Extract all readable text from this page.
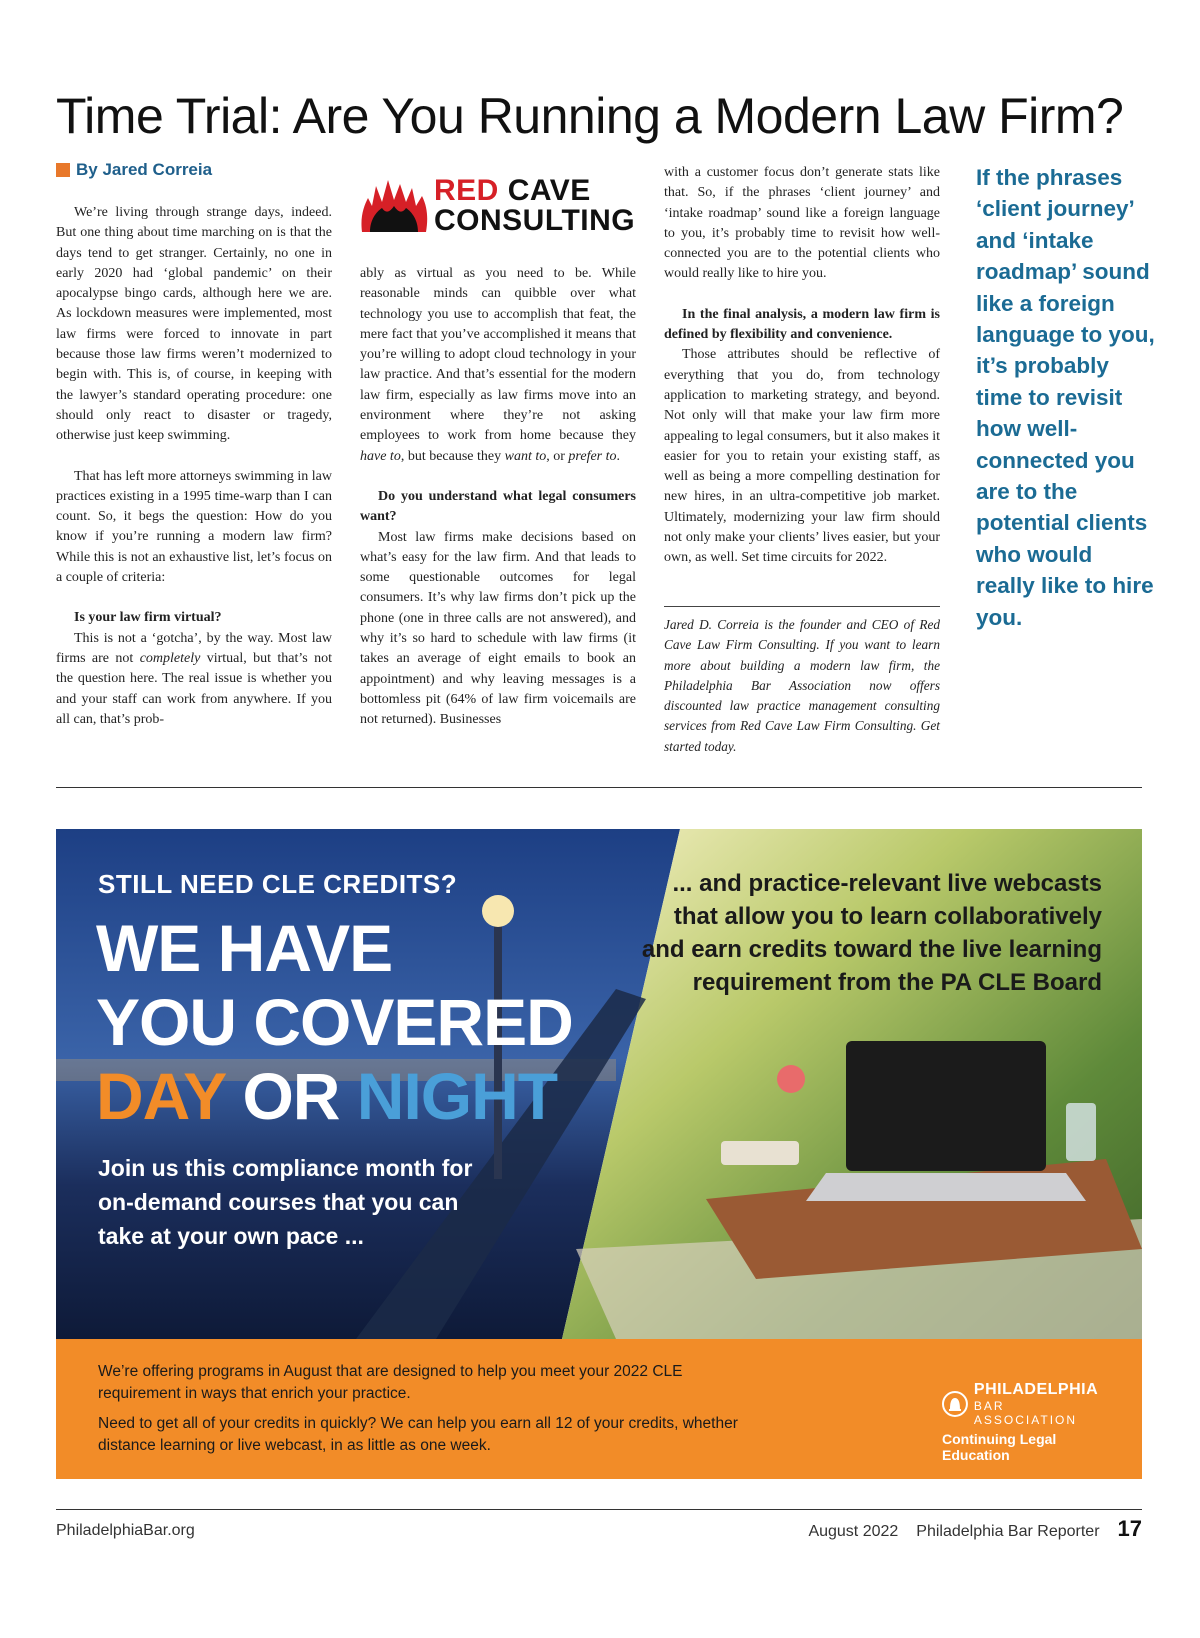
Time Trial: Are You Running a Modern Law Firm?
By Jared Correia

We’re living through strange days, indeed. But one thing about time marching on is that the days tend to get stranger. Certainly, no one in early 2020 had ‘global pandemic’ on their apocalypse bingo cards, although here we are. As lockdown measures were implemented, most law firms were forced to innovate in part because those law firms weren’t modernized to begin with. This is, of course, in keeping with the lawyer’s standard operating procedure: one should only react to disaster or tragedy, otherwise just keep swimming.

That has left more attorneys swimming in law practices existing in a 1995 time-warp than I can count. So, it begs the question: How do you know if you’re running a modern law firm? While this is not an exhaustive list, let’s focus on a couple of criteria:

Is your law firm virtual?

This is not a ‘gotcha’, by the way. Most law firms are not completely virtual, but that’s not the question here. The real issue is whether you and your staff can work from anywhere. If you all can, that’s prob-

RED CAVE
CONSULTING

ably as virtual as you need to be. While reasonable minds can quibble over what technology you use to accomplish that feat, the mere fact that you’ve accomplished it means that you’re willing to adopt cloud technology in your law practice. And that’s essential for the modern law firm, especially as law firms move into an environment where they’re not asking employees to work from home because they have to, but because they want to, or prefer to.

Do you understand what legal consumers want?

Most law firms make decisions based on what’s easy for the law firm. And that leads to some questionable outcomes for legal consumers. It’s why law firms don’t pick up the phone (one in three calls are not answered), and why it’s so hard to schedule with law firms (it takes an average of eight emails to book an appointment) and why leaving messages is a bottomless pit (64% of law firm voicemails are not returned). Businesses

with a customer focus don’t generate stats like that. So, if the phrases ‘client journey’ and ‘intake roadmap’ sound like a foreign language to you, it’s probably time to revisit how well-connected you are to the potential clients who would really like to hire you.

In the final analysis, a modern law firm is defined by flexibility and convenience.

Those attributes should be reflective of everything that you do, from technology application to marketing strategy, and beyond. Not only will that make your law firm more appealing to legal consumers, but it also makes it easier for you to retain your existing staff, as well as being a more compelling destination for new hires, in an ultra-competitive job market. Ultimately, modernizing your law firm should not only make your clients’ lives easier, but your own, as well. Set time circuits for 2022.

Jared D. Correia is the founder and CEO of Red Cave Law Firm Consulting. If you want to learn more about building a modern law firm, the Philadelphia Bar Association now offers discounted law practice management consulting services from Red Cave Law Firm Consulting. Get started today.
If the phrases ‘client journey’ and ‘intake roadmap’ sound like a foreign language to you, it’s probably time to revisit how well-connected you are to the potential clients who would really like to hire you.
STILL NEED CLE CREDITS?
WE HAVE
YOU COVERED
DAY OR NIGHT
Join us this compliance month for on-demand courses that you can take at your own pace ...
... and practice-relevant live webcasts that allow you to learn collaboratively and earn credits toward the live learning requirement from the PA CLE Board

We’re offering programs in August that are designed to help you meet your 2022 CLE requirement in ways that enrich your practice.

Need to get all of your credits in quickly? We can help you earn all 12 of your credits, whether distance learning or live webcast, in as little as one week.

PHILADELPHIA
BAR ASSOCIATION
Continuing Legal Education
PhiladelphiaBar.org	August 2022 Philadelphia Bar Reporter 17
